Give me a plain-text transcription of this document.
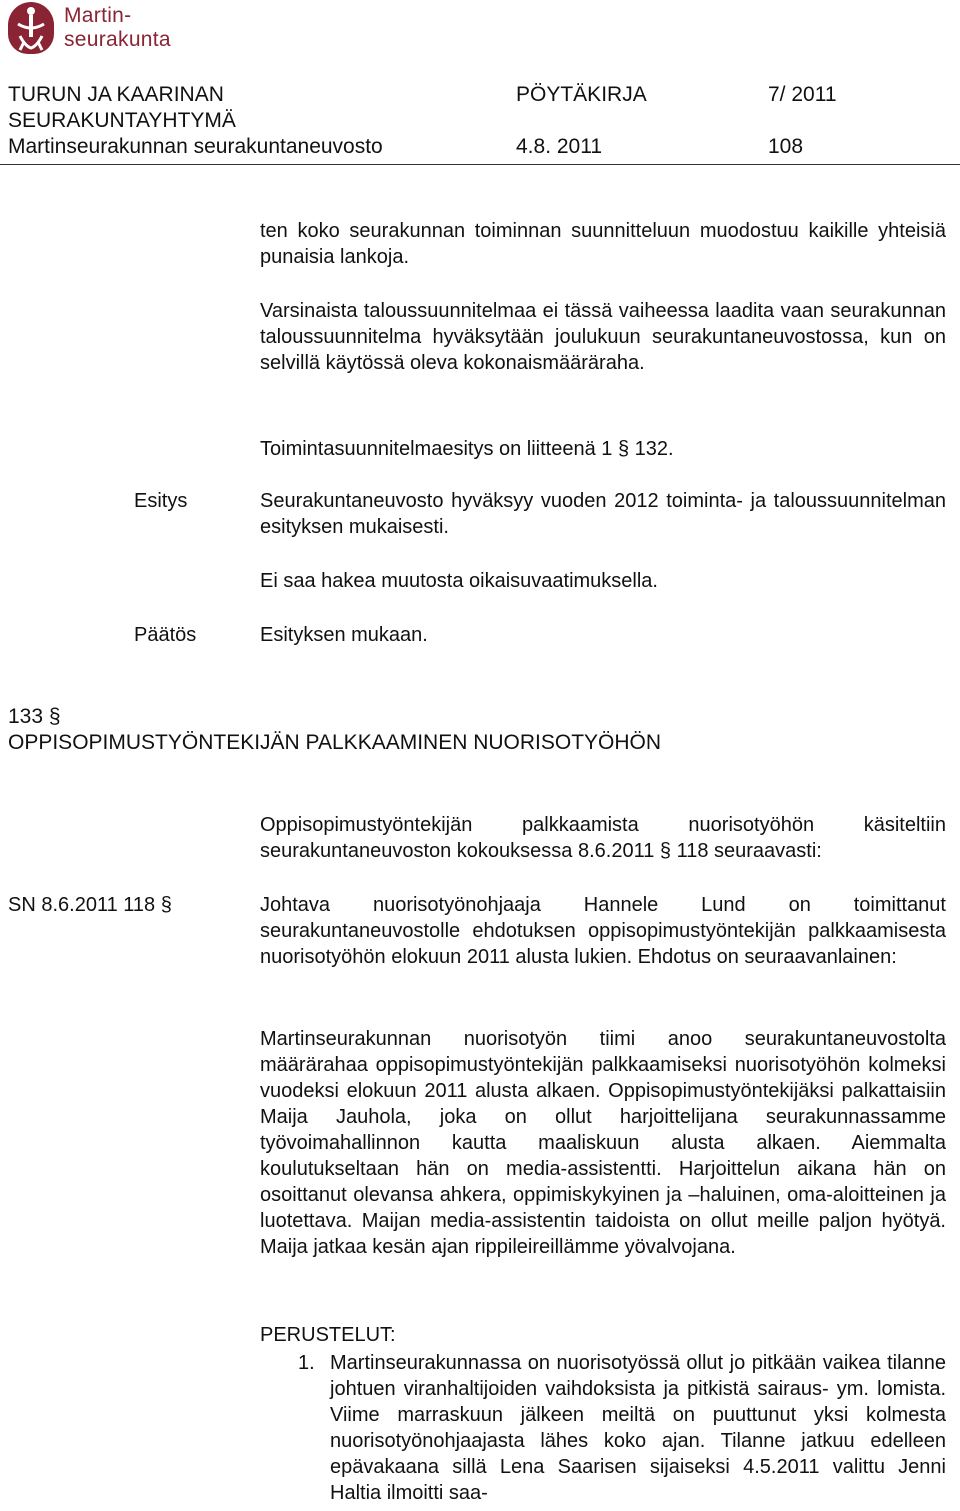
Martin-
seurakunta
TURUN JA KAARINAN
SEURAKUNTAYHTYMÄ
Martinseurakunnan seurakuntaneuvosto
PÖYTÄKIRJA
4.8. 2011
7/ 2011
108
ten koko seurakunnan toiminnan suunnitteluun muodostuu kaikille yhteisiä punaisia lankoja.
Varsinaista taloussuunnitelmaa ei tässä vaiheessa laadita vaan seurakunnan taloussuunnitelma hyväksytään joulukuun seurakuntaneuvostossa, kun on selvillä käytössä oleva kokonaismääräraha.
Toimintasuunnitelmaesitys on liitteenä 1 § 132.
Esitys	Seurakuntaneuvosto hyväksyy vuoden 2012 toiminta- ja taloussuunnitelman esityksen mukaisesti.
Ei saa hakea muutosta oikaisuvaatimuksella.
Päätös	Esityksen mukaan.
133 §
OPPISOPIMUSTYÖNTEKIJÄN PALKKAAMINEN NUORISOTYÖHÖN
Oppisopimustyöntekijän palkkaamista nuorisotyöhön käsiteltiin seurakuntaneuvoston kokouksessa 8.6.2011 § 118 seuraavasti:
SN 8.6.2011 118 §	Johtava nuorisotyönohjaaja Hannele Lund on toimittanut seurakuntaneuvostolle ehdotuksen oppisopimustyöntekijän palkkaamisesta nuorisotyöhön elokuun 2011 alusta lukien. Ehdotus on seuraavanlainen:
Martinseurakunnan nuorisotyön tiimi anoo seurakuntaneuvostolta määrärahaa oppisopimustyöntekijän palkkaamiseksi nuorisotyöhön kolmeksi vuodeksi elokuun 2011 alusta alkaen. Oppisopimustyöntekijäksi palkattaisiin Maija Jauhola, joka on ollut harjoittelijana seurakunnassamme työvoimahallinnon kautta maaliskuun alusta alkaen. Aiemmalta koulutukseltaan hän on media-assistentti. Harjoittelun aikana hän on osoittanut olevansa ahkera, oppimiskykyinen ja –haluinen, oma-aloitteinen ja luotettava. Maijan media-assistentin taidoista on ollut meille paljon hyötyä. Maija jatkaa kesän ajan rippileireillämme yövalvojana.
PERUSTELUT:
1. Martinseurakunnassa on nuorisotyössä ollut jo pitkään vaikea tilanne johtuen viranhaltijoiden vaihdoksista ja pitkistä sairaus- ym. lomista. Viime marraskuun jälkeen meiltä on puuttunut yksi kolmesta nuorisotyönohjaajasta lähes koko ajan. Tilanne jatkuu edelleen epävakaana sillä Lena Saarisen sijaiseksi 4.5.2011 valittu Jenni Haltia ilmoitti saa-
